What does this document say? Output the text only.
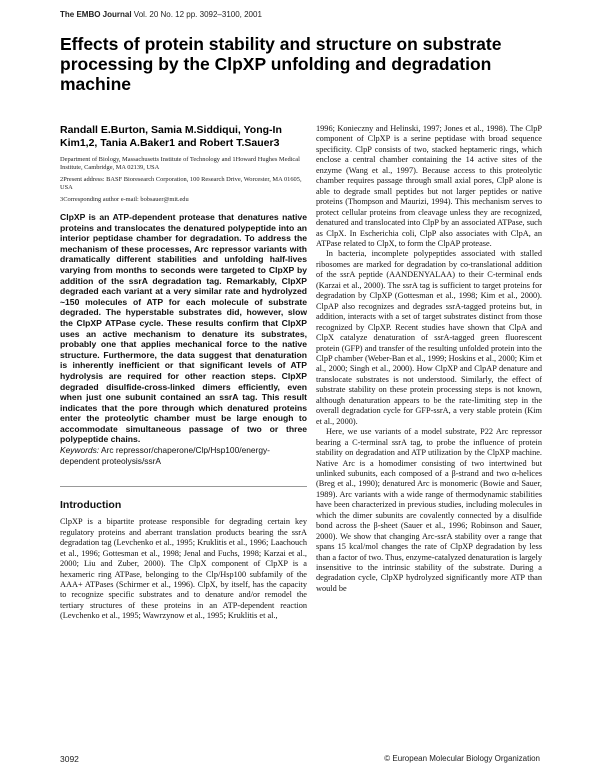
The EMBO Journal Vol. 20 No. 12 pp. 3092–3100, 2001
Effects of protein stability and structure on substrate processing by the ClpXP unfolding and degradation machine
Randall E.Burton, Samia M.Siddiqui, Yong-In Kim1,2, Tania A.Baker1 and Robert T.Sauer3

Department of Biology, Massachusetts Institute of Technology and 1Howard Hughes Medical Institute, Cambridge, MA 02139, USA

2Present address: BASF Bioresearch Corporation, 100 Research Drive, Worcester, MA 01605, USA

3Corresponding author e-mail: bobsauer@mit.edu

ClpXP is an ATP-dependent protease that denatures native proteins and translocates the denatured polypeptide into an interior peptidase chamber for degradation. To address the mechanism of these processes, Arc repressor variants with dramatically different stabilities and unfolding half-lives varying from months to seconds were targeted to ClpXP by addition of the ssrA degradation tag. Remarkably, ClpXP degraded each variant at a very similar rate and hydrolyzed ~150 molecules of ATP for each molecule of substrate degraded. The hyperstable substrates did, however, slow the ClpXP ATPase cycle. These results confirm that ClpXP uses an active mechanism to denature its substrates, probably one that applies mechanical force to the native structure. Furthermore, the data suggest that denaturation is inherently inefficient or that significant levels of ATP hydrolysis are required for other reaction steps. ClpXP degraded disulfide-cross-linked dimers efficiently, even when just one subunit contained an ssrA tag. This result indicates that the pore through which denatured proteins enter the proteolytic chamber must be large enough to accommodate simultaneous passage of two or three polypeptide chains.
Keywords: Arc repressor/chaperone/Clp/Hsp100/energy-dependent proteolysis/ssrA
Introduction

ClpXP is a bipartite protease responsible for degrading certain key regulatory proteins and aberrant translation products bearing the ssrA degradation tag (Levchenko et al., 1995; Kruklitis et al., 1996; Laachouch et al., 1996; Gottesman et al., 1998; Jenal and Fuchs, 1998; Karzai et al., 2000; Liu and Zuber, 2000). The ClpX component of ClpXP is a hexameric ring ATPase, belonging to the Clp/Hsp100 subfamily of the AAA+ ATPases (Schirmer et al., 1996). ClpX, by itself, has the capacity to recognize specific substrates and to denature and/or remodel the tertiary structures of these proteins in an ATP-dependent reaction (Levchenko et al., 1995; Wawrzynow et al., 1995; Kruklitis et al.,

1996; Konieczny and Helinski, 1997; Jones et al., 1998). The ClpP component of ClpXP is a serine peptidase with broad sequence specificity. ClpP consists of two, stacked heptameric rings, which enclose a central chamber containing the 14 active sites of the enzyme (Wang et al., 1997). Because access to this proteolytic chamber requires passage through small axial pores, ClpP alone is able to degrade small peptides but not larger peptides or native proteins (Thompson and Maurizi, 1994). This mechanism serves to protect cellular proteins from cleavage unless they are recognized, denatured and translocated into ClpP by an associated ATPase, such as ClpX. In Escherichia coli, ClpP also associates with ClpA, an ATPase related to ClpX, to form the ClpAP protease.

In bacteria, incomplete polypeptides associated with stalled ribosomes are marked for degradation by co-translational addition of the ssrA peptide (AANDENYALAA) to their C-terminal ends (Karzai et al., 2000). The ssrA tag is sufficient to target proteins for degradation by ClpXP (Gottesman et al., 1998; Kim et al., 2000). ClpAP also recognizes and degrades ssrA-tagged proteins but, in addition, interacts with a set of target substrates distinct from those recognized by ClpXP. Recent studies have shown that ClpA and ClpX catalyze denaturation of ssrA-tagged green fluorescent protein (GFP) and transfer of the resulting unfolded protein into the ClpP chamber (Weber-Ban et al., 1999; Hoskins et al., 2000; Kim et al., 2000; Singh et al., 2000). How ClpXP and ClpAP denature and translocate substrates is not understood. Similarly, the effect of substrate stability on these protein processing steps is not known, although denaturation appears to be the rate-limiting step in the overall degradation cycle for GFP-ssrA, a very stable protein (Kim et al., 2000).

Here, we use variants of a model substrate, P22 Arc repressor bearing a C-terminal ssrA tag, to probe the influence of protein stability on degradation and ATP utilization by the ClpXP machine. Native Arc is a homodimer consisting of two intertwined but unlinked subunits, each composed of a β-strand and two α-helices (Breg et al., 1990); denatured Arc is monomeric (Bowie and Sauer, 1989). Arc variants with a wide range of thermodynamic stabilities have been characterized in previous studies, including molecules in which the dimer subunits are covalently connected by a disulfide bond across the β-sheet (Sauer et al., 1996; Robinson and Sauer, 2000). We show that changing Arc-ssrA stability over a range that spans 15 kcal/mol changes the rate of ClpXP degradation by less than a factor of two. Thus, enzyme-catalyzed denaturation is largely insensitive to the intrinsic stability of the substrate. During a degradation cycle, ClpXP hydrolyzed significantly more ATP than would be

3092	© European Molecular Biology Organization
